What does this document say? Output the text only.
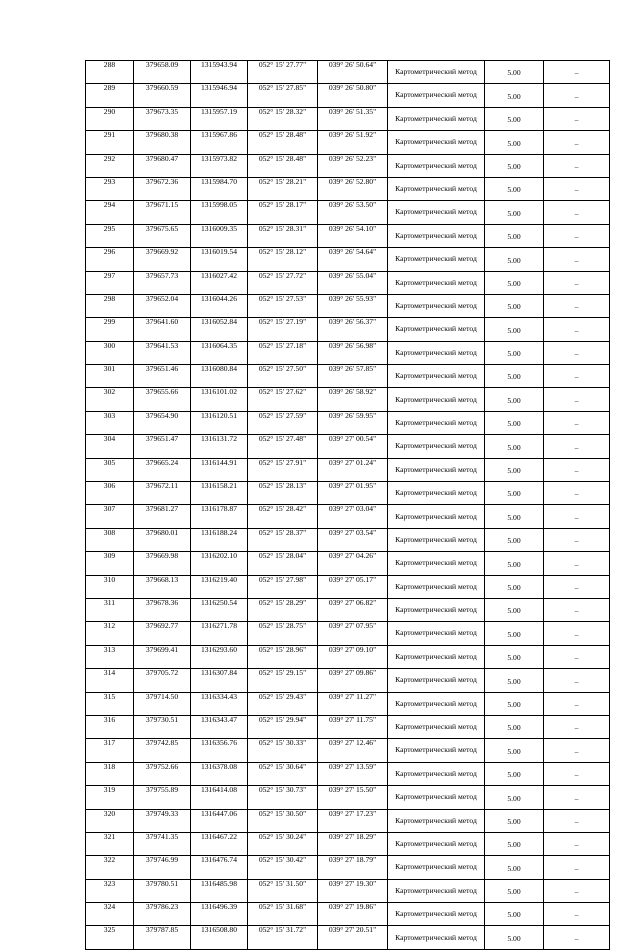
288	379658.09	1315943.94	052° 15' 27.77"	039° 26' 50.64"	Картометрический метод	5.00	–
289	379660.59	1315946.94	052° 15' 27.85"	039° 26' 50.80"	Картометрический метод	5.00	–
290	379673.35	1315957.19	052° 15' 28.32"	039° 26' 51.35"	Картометрический метод	5.00	–
291	379680.38	1315967.86	052° 15' 28.48"	039° 26' 51.92"	Картометрический метод	5.00	–
292	379680.47	1315973.82	052° 15' 28.48"	039° 26' 52.23"	Картометрический метод	5.00	–
293	379672.36	1315984.70	052° 15' 28.21"	039° 26' 52.80"	Картометрический метод	5.00	–
294	379671.15	1315998.05	052° 15' 28.17"	039° 26' 53.50"	Картометрический метод	5.00	–
295	379675.65	1316009.35	052° 15' 28.31"	039° 26' 54.10"	Картометрический метод	5.00	–
296	379669.92	1316019.54	052° 15' 28.12"	039° 26' 54.64"	Картометрический метод	5.00	–
297	379657.73	1316027.42	052° 15' 27.72"	039° 26' 55.04"	Картометрический метод	5.00	–
298	379652.04	1316044.26	052° 15' 27.53"	039° 26' 55.93"	Картометрический метод	5.00	–
299	379641.60	1316052.84	052° 15' 27.19"	039° 26' 56.37"	Картометрический метод	5.00	–
300	379641.53	1316064.35	052° 15' 27.18"	039° 26' 56.98"	Картометрический метод	5.00	–
301	379651.46	1316080.84	052° 15' 27.50"	039° 26' 57.85"	Картометрический метод	5.00	–
302	379655.66	1316101.02	052° 15' 27.62"	039° 26' 58.92"	Картометрический метод	5.00	–
303	379654.90	1316120.51	052° 15' 27.59"	039° 26' 59.95"	Картометрический метод	5.00	–
304	379651.47	1316131.72	052° 15' 27.48"	039° 27' 00.54"	Картометрический метод	5.00	–
305	379665.24	1316144.91	052° 15' 27.91"	039° 27' 01.24"	Картометрический метод	5.00	–
306	379672.11	1316158.21	052° 15' 28.13"	039° 27' 01.95"	Картометрический метод	5.00	–
307	379681.27	1316178.87	052° 15' 28.42"	039° 27' 03.04"	Картометрический метод	5.00	–
308	379680.01	1316188.24	052° 15' 28.37"	039° 27' 03.54"	Картометрический метод	5.00	–
309	379669.98	1316202.10	052° 15' 28.04"	039° 27' 04.26"	Картометрический метод	5.00	–
310	379668.13	1316219.40	052° 15' 27.98"	039° 27' 05.17"	Картометрический метод	5.00	–
311	379678.36	1316250.54	052° 15' 28.29"	039° 27' 06.82"	Картометрический метод	5.00	–
312	379692.77	1316271.78	052° 15' 28.75"	039° 27' 07.95"	Картометрический метод	5.00	–
313	379699.41	1316293.60	052° 15' 28.96"	039° 27' 09.10"	Картометрический метод	5.00	–
314	379705.72	1316307.84	052° 15' 29.15"	039° 27' 09.86"	Картометрический метод	5.00	–
315	379714.50	1316334.43	052° 15' 29.43"	039° 27' 11.27"	Картометрический метод	5.00	–
316	379730.51	1316343.47	052° 15' 29.94"	039° 27' 11.75"	Картометрический метод	5.00	–
317	379742.85	1316356.76	052° 15' 30.33"	039° 27' 12.46"	Картометрический метод	5.00	–
318	379752.66	1316378.08	052° 15' 30.64"	039° 27' 13.59"	Картометрический метод	5.00	–
319	379755.89	1316414.08	052° 15' 30.73"	039° 27' 15.50"	Картометрический метод	5.00	–
320	379749.33	1316447.06	052° 15' 30.50"	039° 27' 17.23"	Картометрический метод	5.00	–
321	379741.35	1316467.22	052° 15' 30.24"	039° 27' 18.29"	Картометрический метод	5.00	–
322	379746.99	1316476.74	052° 15' 30.42"	039° 27' 18.79"	Картометрический метод	5.00	–
323	379780.51	1316485.98	052° 15' 31.50"	039° 27' 19.30"	Картометрический метод	5.00	–
324	379786.23	1316496.39	052° 15' 31.68"	039° 27' 19.86"	Картометрический метод	5.00	–
325	379787.85	1316508.80	052° 15' 31.72"	039° 27' 20.51"	Картометрический метод	5.00	–
